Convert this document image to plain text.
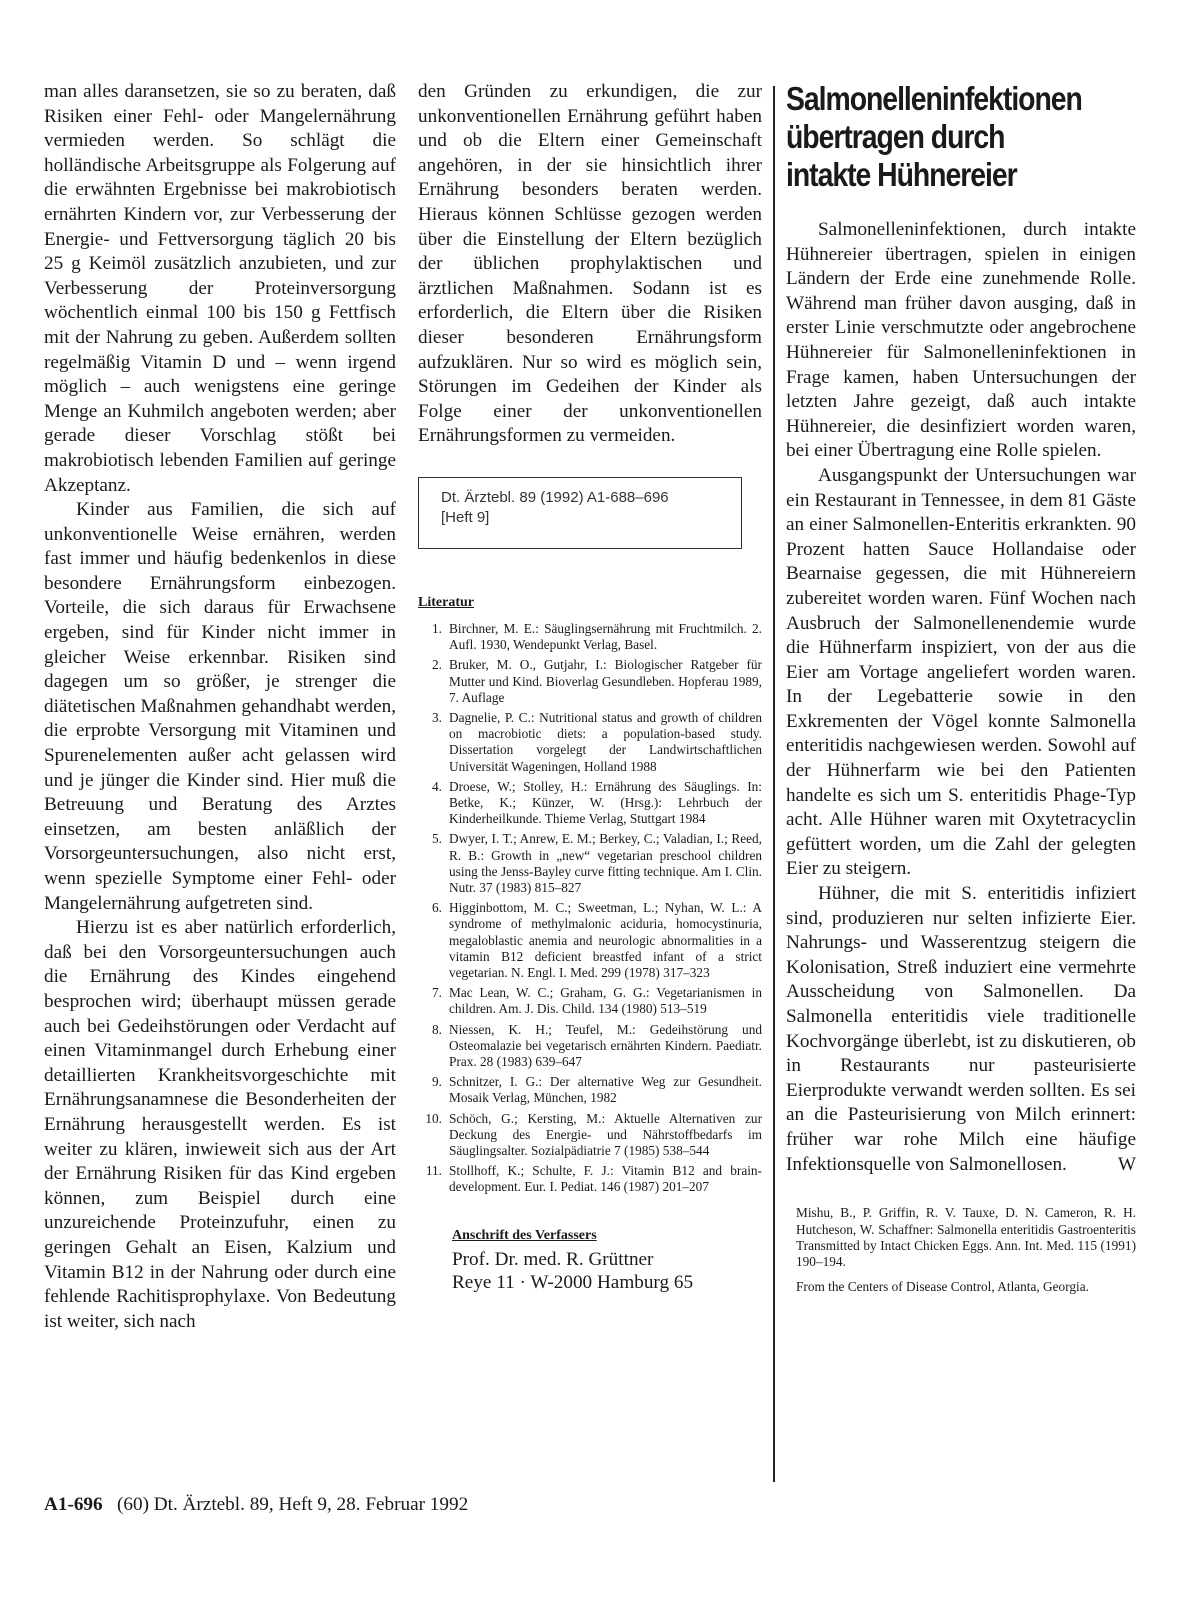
man alles daransetzen, sie so zu beraten, daß Risiken einer Fehl- oder Mangelernährung vermieden werden. So schlägt die holländische Arbeitsgruppe als Folgerung auf die erwähnten Ergebnisse bei makrobiotisch ernährten Kindern vor, zur Verbesserung der Energie- und Fettversorgung täglich 20 bis 25 g Keimöl zusätzlich anzubieten, und zur Verbesserung der Proteinversorgung wöchentlich einmal 100 bis 150 g Fettfisch mit der Nahrung zu geben. Außerdem sollten regelmäßig Vitamin D und – wenn irgend möglich – auch wenigstens eine geringe Menge an Kuhmilch angeboten werden; aber gerade dieser Vorschlag stößt bei makrobiotisch lebenden Familien auf geringe Akzeptanz.

Kinder aus Familien, die sich auf unkonventionelle Weise ernähren, werden fast immer und häufig bedenkenlos in diese besondere Ernährungsform einbezogen. Vorteile, die sich daraus für Erwachsene ergeben, sind für Kinder nicht immer in gleicher Weise erkennbar. Risiken sind dagegen um so größer, je strenger die diätetischen Maßnahmen gehandhabt werden, die erprobte Versorgung mit Vitaminen und Spurenelementen außer acht gelassen wird und je jünger die Kinder sind. Hier muß die Betreuung und Beratung des Arztes einsetzen, am besten anläßlich der Vorsorgeuntersuchungen, also nicht erst, wenn spezielle Symptome einer Fehl- oder Mangelernährung aufgetreten sind.

Hierzu ist es aber natürlich erforderlich, daß bei den Vorsorgeuntersuchungen auch die Ernährung des Kindes eingehend besprochen wird; überhaupt müssen gerade auch bei Gedeihstörungen oder Verdacht auf einen Vitaminmangel durch Erhebung einer detaillierten Krankheitsvorgeschichte mit Ernährungsanamnese die Besonderheiten der Ernährung herausgestellt werden. Es ist weiter zu klären, inwieweit sich aus der Art der Ernährung Risiken für das Kind ergeben können, zum Beispiel durch eine unzureichende Proteinzufuhr, einen zu geringen Gehalt an Eisen, Kalzium und Vitamin B12 in der Nahrung oder durch eine fehlende Rachitisprophylaxe. Von Bedeutung ist weiter, sich nach

den Gründen zu erkundigen, die zur unkonventionellen Ernährung geführt haben und ob die Eltern einer Gemeinschaft angehören, in der sie hinsichtlich ihrer Ernährung besonders beraten werden. Hieraus können Schlüsse gezogen werden über die Einstellung der Eltern bezüglich der üblichen prophylaktischen und ärztlichen Maßnahmen. Sodann ist es erforderlich, die Eltern über die Risiken dieser besonderen Ernährungsform aufzuklären. Nur so wird es möglich sein, Störungen im Gedeihen der Kinder als Folge einer der unkonventionellen Ernährungsformen zu vermeiden.

Dt. Ärztebl. 89 (1992) A1-688–696
[Heft 9]
Literatur
1. Birchner, M. E.: Säuglingsernährung mit Fruchtmilch. 2. Aufl. 1930, Wendepunkt Verlag, Basel.
2. Bruker, M. O., Gutjahr, I.: Biologischer Ratgeber für Mutter und Kind. Bioverlag Gesundleben. Hopferau 1989, 7. Auflage
3. Dagnelie, P. C.: Nutritional status and growth of children on macrobiotic diets: a population-based study. Dissertation vorgelegt der Landwirtschaftlichen Universität Wageningen, Holland 1988
4. Droese, W.; Stolley, H.: Ernährung des Säuglings. In: Betke, K.; Künzer, W. (Hrsg.): Lehrbuch der Kinderheilkunde. Thieme Verlag, Stuttgart 1984
5. Dwyer, I. T.; Anrew, E. M.; Berkey, C.; Valadian, I.; Reed, R. B.: Growth in „new“ vegetarian preschool children using the Jenss-Bayley curve fitting technique. Am I. Clin. Nutr. 37 (1983) 815–827
6. Higginbottom, M. C.; Sweetman, L.; Nyhan, W. L.: A syndrome of methylmalonic aciduria, homocystinuria, megaloblastic anemia and neurologic abnormalities in a vitamin B12 deficient breastfed infant of a strict vegetarian. N. Engl. I. Med. 299 (1978) 317–323
7. Mac Lean, W. C.; Graham, G. G.: Vegetarianismen in children. Am. J. Dis. Child. 134 (1980) 513–519
8. Niessen, K. H.; Teufel, M.: Gedeihstörung und Osteomalazie bei vegetarisch ernährten Kindern. Paediatr. Prax. 28 (1983) 639–647
9. Schnitzer, I. G.: Der alternative Weg zur Gesundheit. Mosaik Verlag, München, 1982
10. Schöch, G.; Kersting, M.: Aktuelle Alternativen zur Deckung des Energie- und Nährstoffbedarfs im Säuglingsalter. Sozialpädiatrie 7 (1985) 538–544
11. Stollhoff, K.; Schulte, F. J.: Vitamin B12 and brain-development. Eur. I. Pediat. 146 (1987) 201–207
Anschrift des Verfassers
Prof. Dr. med. R. Grüttner
Reye 11 · W-2000 Hamburg 65
Salmonelleninfektionen
übertragen durch
intakte Hühnereier

Salmonelleninfektionen, durch intakte Hühnereier übertragen, spielen in einigen Ländern der Erde eine zunehmende Rolle. Während man früher davon ausging, daß in erster Linie verschmutzte oder angebrochene Hühnereier für Salmonelleninfektionen in Frage kamen, haben Untersuchungen der letzten Jahre gezeigt, daß auch intakte Hühnereier, die desinfiziert worden waren, bei einer Übertragung eine Rolle spielen.

Ausgangspunkt der Untersuchungen war ein Restaurant in Tennessee, in dem 81 Gäste an einer Salmonellen-Enteritis erkrankten. 90 Prozent hatten Sauce Hollandaise oder Bearnaise gegessen, die mit Hühnereiern zubereitet worden waren. Fünf Wochen nach Ausbruch der Salmonellenendemie wurde die Hühnerfarm inspiziert, von der aus die Eier am Vortage angeliefert worden waren. In der Legebatterie sowie in den Exkrementen der Vögel konnte Salmonella enteritidis nachgewiesen werden. Sowohl auf der Hühnerfarm wie bei den Patienten handelte es sich um S. enteritidis Phage-Typ acht. Alle Hühner waren mit Oxytetracyclin gefüttert worden, um die Zahl der gelegten Eier zu steigern.

Hühner, die mit S. enteritidis infiziert sind, produzieren nur selten infizierte Eier. Nahrungs- und Wasserentzug steigern die Kolonisation, Streß induziert eine vermehrte Ausscheidung von Salmonellen. Da Salmonella enteritidis viele traditionelle Kochvorgänge überlebt, ist zu diskutieren, ob in Restaurants nur pasteurisierte Eierprodukte verwandt werden sollten. Es sei an die Pasteurisierung von Milch erinnert: früher war rohe Milch eine häufige Infektionsquelle von Salmonellosen.	W

Mishu, B., P. Griffin, R. V. Tauxe, D. N. Cameron, R. H. Hutcheson, W. Schaffner: Salmonella enteritidis Gastroenteritis Transmitted by Intact Chicken Eggs. Ann. Int. Med. 115 (1991) 190–194.
From the Centers of Disease Control, Atlanta, Georgia.
A1-696 (60) Dt. Ärztebl. 89, Heft 9, 28. Februar 1992
